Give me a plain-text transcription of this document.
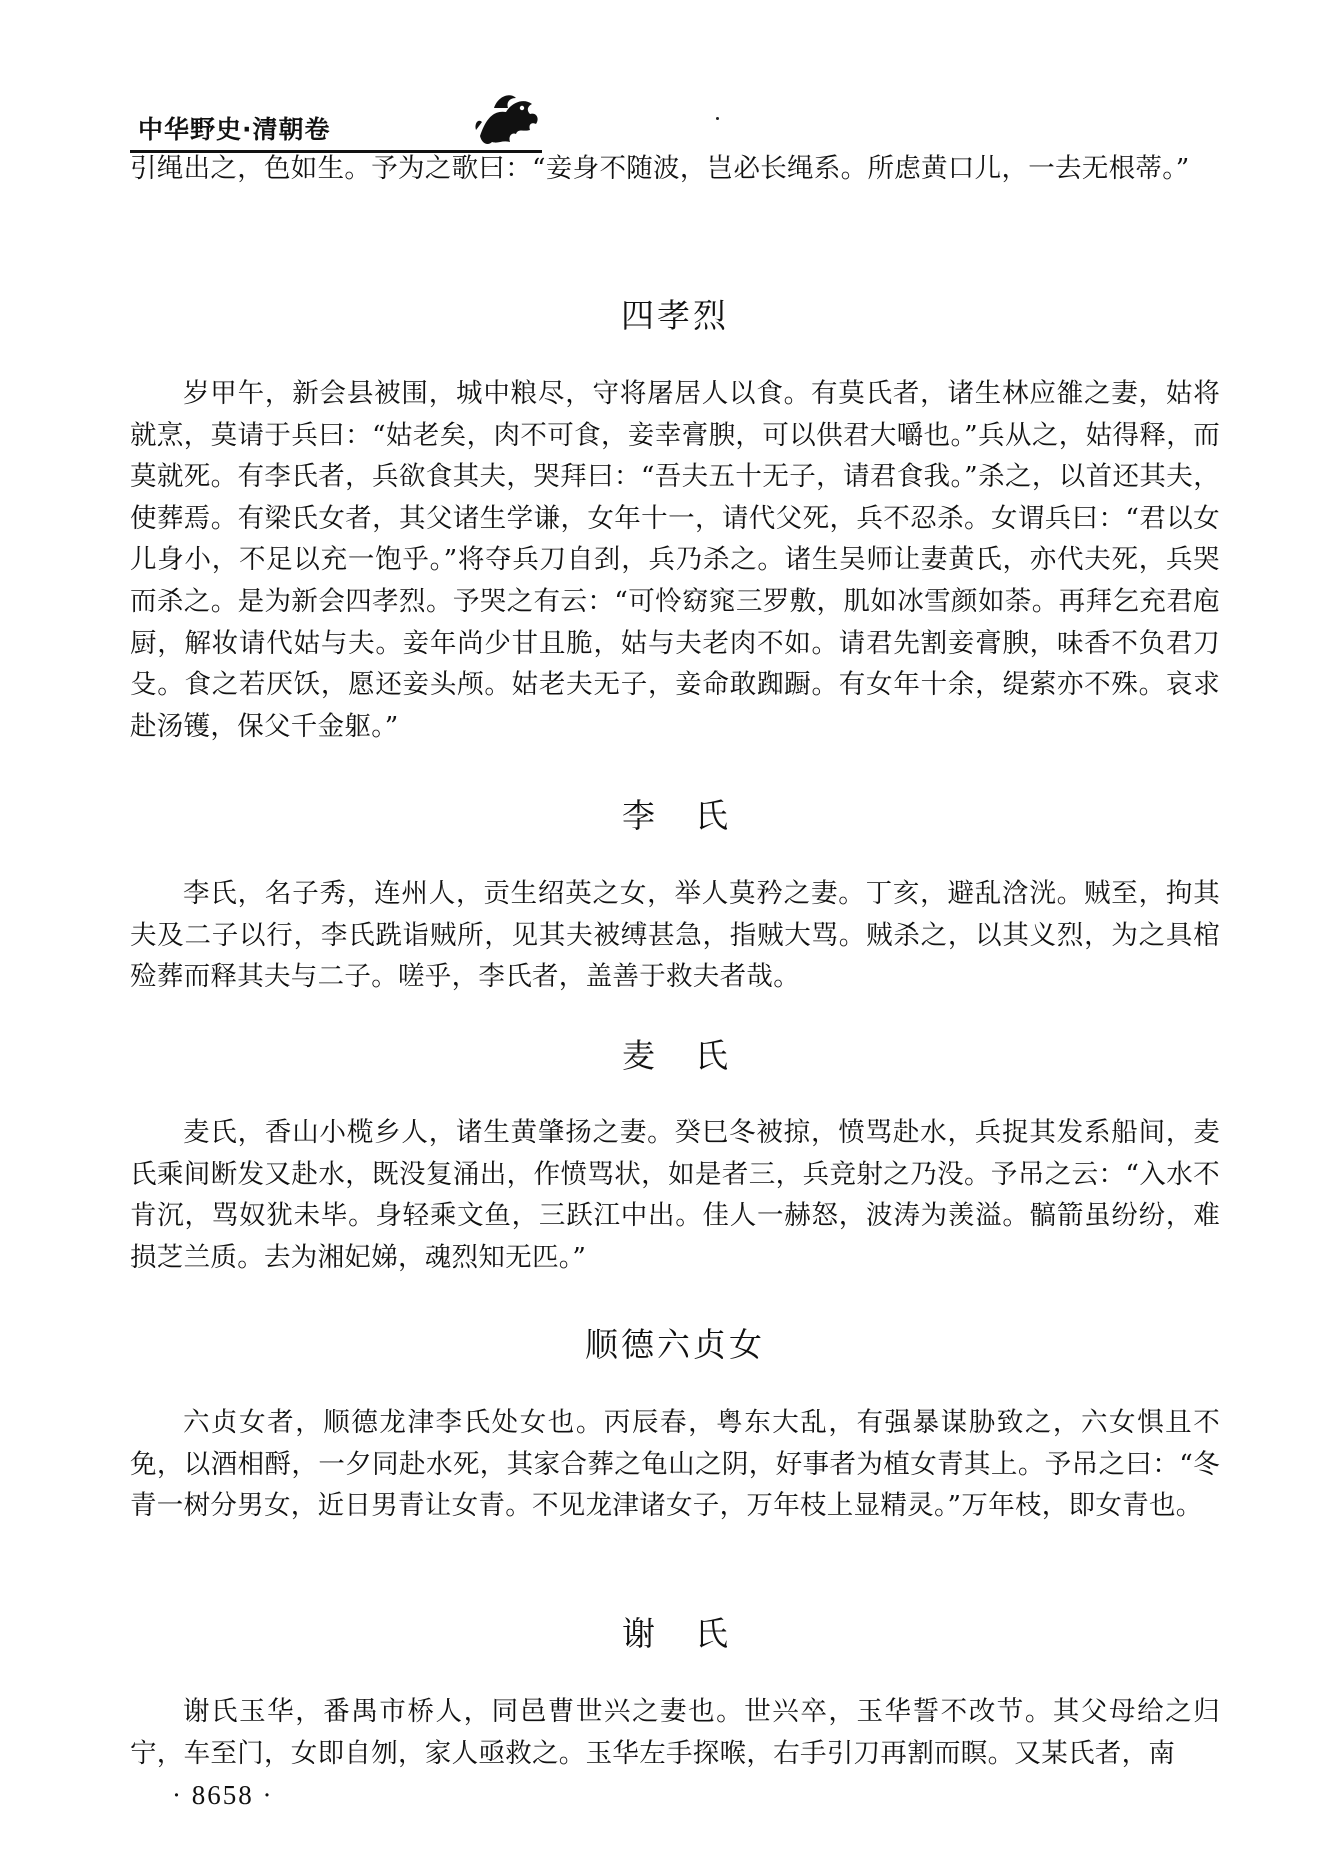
中华野史·清朝卷

引绳出之，色如生。予为之歌曰：“妾身不随波，岂必长绳系。所虑黄口儿，一去无根蒂。”

四孝烈

岁甲午，新会县被围，城中粮尽，守将屠居人以食。有莫氏者，诸生林应雒之妻，姑将就烹，莫请于兵曰：“姑老矣，肉不可食，妾幸膏腴，可以供君大嚼也。”兵从之，姑得释，而莫就死。有李氏者，兵欲食其夫，哭拜曰：“吾夫五十无子，请君食我。”杀之，以首还其夫，使葬焉。有梁氏女者，其父诸生学谦，女年十一，请代父死，兵不忍杀。女谓兵曰：“君以女儿身小，不足以充一饱乎。”将夺兵刀自刭，兵乃杀之。诸生吴师让妻黄氏，亦代夫死，兵哭而杀之。是为新会四孝烈。予哭之有云：“可怜窈窕三罗敷，肌如冰雪颜如荼。再拜乞充君庖厨，解妆请代姑与夫。妾年尚少甘且脆，姑与夫老肉不如。请君先割妾膏腴，味香不负君刀殳。食之若厌饫，愿还妾头颅。姑老夫无子，妾命敢踟蹰。有女年十余，缇萦亦不殊。哀求赴汤镬，保父千金躯。”

李氏

李氏，名子秀，连州人，贡生绍英之女，举人莫矜之妻。丁亥，避乱浛洸。贼至，拘其夫及二子以行，李氏跣诣贼所，见其夫被缚甚急，指贼大骂。贼杀之，以其义烈，为之具棺殓葬而释其夫与二子。嗟乎，李氏者，盖善于救夫者哉。

麦氏

麦氏，香山小榄乡人，诸生黄肇扬之妻。癸巳冬被掠，愤骂赴水，兵捉其发系船间，麦氏乘间断发又赴水，既没复涌出，作愤骂状，如是者三，兵竞射之乃没。予吊之云：“入水不肯沉，骂奴犹未毕。身轻乘文鱼，三跃江中出。佳人一赫怒，波涛为羡溢。髇箭虽纷纷，难损芝兰质。去为湘妃娣，魂烈知无匹。”

顺德六贞女

六贞女者，顺德龙津李氏处女也。丙辰春，粤东大乱，有强暴谋胁致之，六女惧且不免，以酒相酹，一夕同赴水死，其家合葬之龟山之阴，好事者为植女青其上。予吊之曰：“冬青一树分男女，近日男青让女青。不见龙津诸女子，万年枝上显精灵。”万年枝，即女青也。

谢氏

谢氏玉华，番禺市桥人，同邑曹世兴之妻也。世兴卒，玉华誓不改节。其父母给之归宁，车至门，女即自刎，家人亟救之。玉华左手探喉，右手引刀再割而瞑。又某氏者，南

· 8658 ·
